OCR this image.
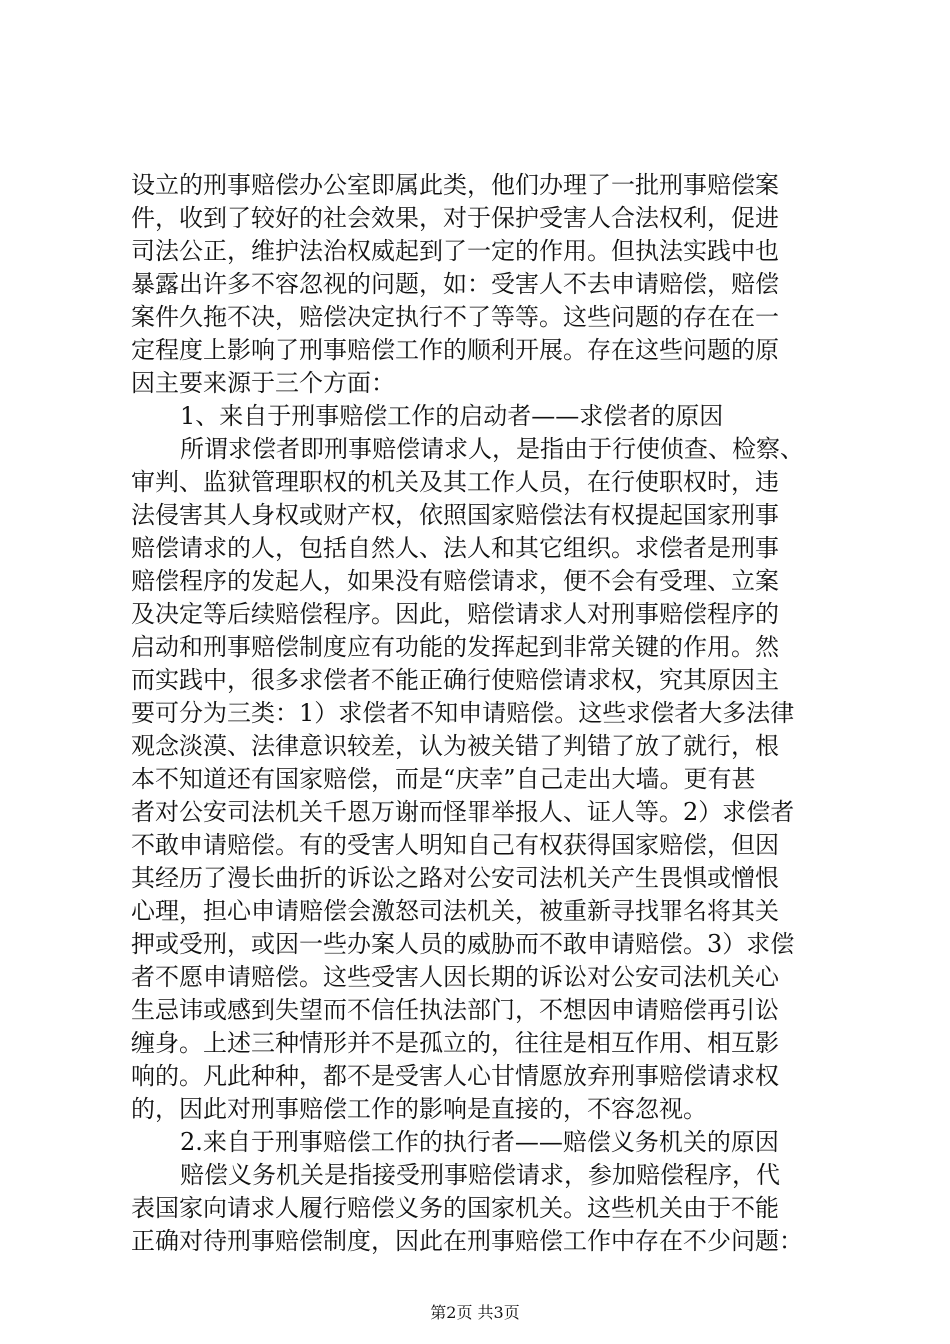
设立的刑事赔偿办公室即属此类，他们办理了一批刑事赔偿案
件，收到了较好的社会效果，对于保护受害人合法权利，促进
司法公正，维护法治权威起到了一定的作用。但执法实践中也
暴露出许多不容忽视的问题，如：受害人不去申请赔偿，赔偿
案件久拖不决，赔偿决定执行不了等等。这些问题的存在在一
定程度上影响了刑事赔偿工作的顺利开展。存在这些问题的原
因主要来源于三个方面：
1、来自于刑事赔偿工作的启动者——求偿者的原因
所谓求偿者即刑事赔偿请求人，是指由于行使侦查、检察、
审判、监狱管理职权的机关及其工作人员，在行使职权时，违
法侵害其人身权或财产权，依照国家赔偿法有权提起国家刑事
赔偿请求的人，包括自然人、法人和其它组织。求偿者是刑事
赔偿程序的发起人，如果没有赔偿请求，便不会有受理、立案
及决定等后续赔偿程序。因此，赔偿请求人对刑事赔偿程序的
启动和刑事赔偿制度应有功能的发挥起到非常关键的作用。然
而实践中，很多求偿者不能正确行使赔偿请求权，究其原因主
要可分为三类：1）求偿者不知申请赔偿。这些求偿者大多法律
观念淡漠、法律意识较差，认为被关错了判错了放了就行，根
本不知道还有国家赔偿，而是“庆幸”自己走出大墙。更有甚
者对公安司法机关千恩万谢而怪罪举报人、证人等。2）求偿者
不敢申请赔偿。有的受害人明知自己有权获得国家赔偿，但因
其经历了漫长曲折的诉讼之路对公安司法机关产生畏惧或憎恨
心理，担心申请赔偿会激怒司法机关，被重新寻找罪名将其关
押或受刑，或因一些办案人员的威胁而不敢申请赔偿。3）求偿
者不愿申请赔偿。这些受害人因长期的诉讼对公安司法机关心
生忌讳或感到失望而不信任执法部门，不想因申请赔偿再引讼
缠身。上述三种情形并不是孤立的，往往是相互作用、相互影
响的。凡此种种，都不是受害人心甘情愿放弃刑事赔偿请求权
的，因此对刑事赔偿工作的影响是直接的，不容忽视。
2.来自于刑事赔偿工作的执行者——赔偿义务机关的原因
赔偿义务机关是指接受刑事赔偿请求，参加赔偿程序，代
表国家向请求人履行赔偿义务的国家机关。这些机关由于不能
正确对待刑事赔偿制度，因此在刑事赔偿工作中存在不少问题：
第2页 共3页
